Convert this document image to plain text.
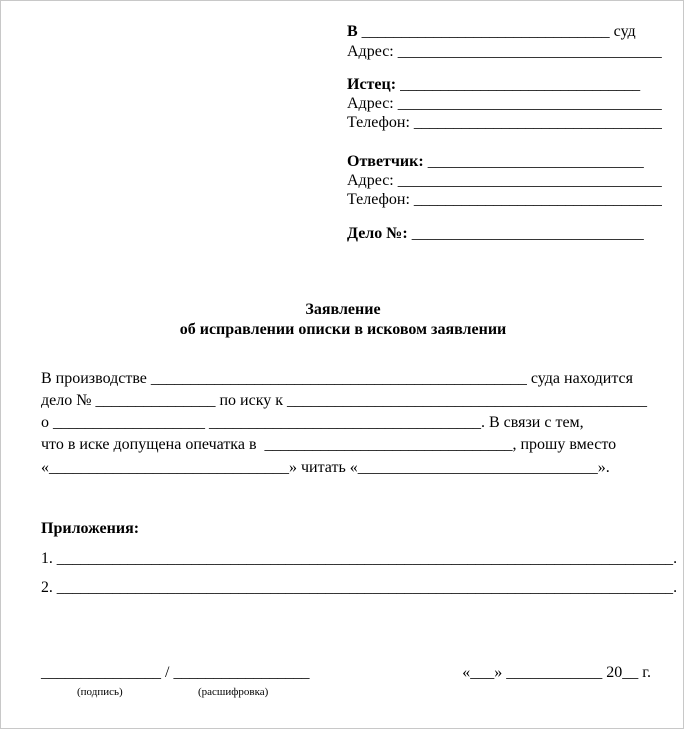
В _______________________________ суд
Адрес: _________________________________
Истец: ______________________________
Адрес: _________________________________
Телефон: _______________________________
Ответчик: ___________________________
Адрес: _________________________________
Телефон: _______________________________
Дело №: _____________________________
Заявление
об исправлении описки в исковом заявлении
В производстве _______________________________________________ суда находится
дело № _______________ по иску к _____________________________________________
о ___________________ __________________________________. В связи с тем,
что в иске допущена опечатка в  _______________________________, прошу вместо
«______________________________» читать «______________________________».
Приложения:
1. ______________________________________________________________________________.
2. ______________________________________________________________________________.
_______________ / _________________
(подпись)	(расшифровка)
«___» ____________ 20__ г.
